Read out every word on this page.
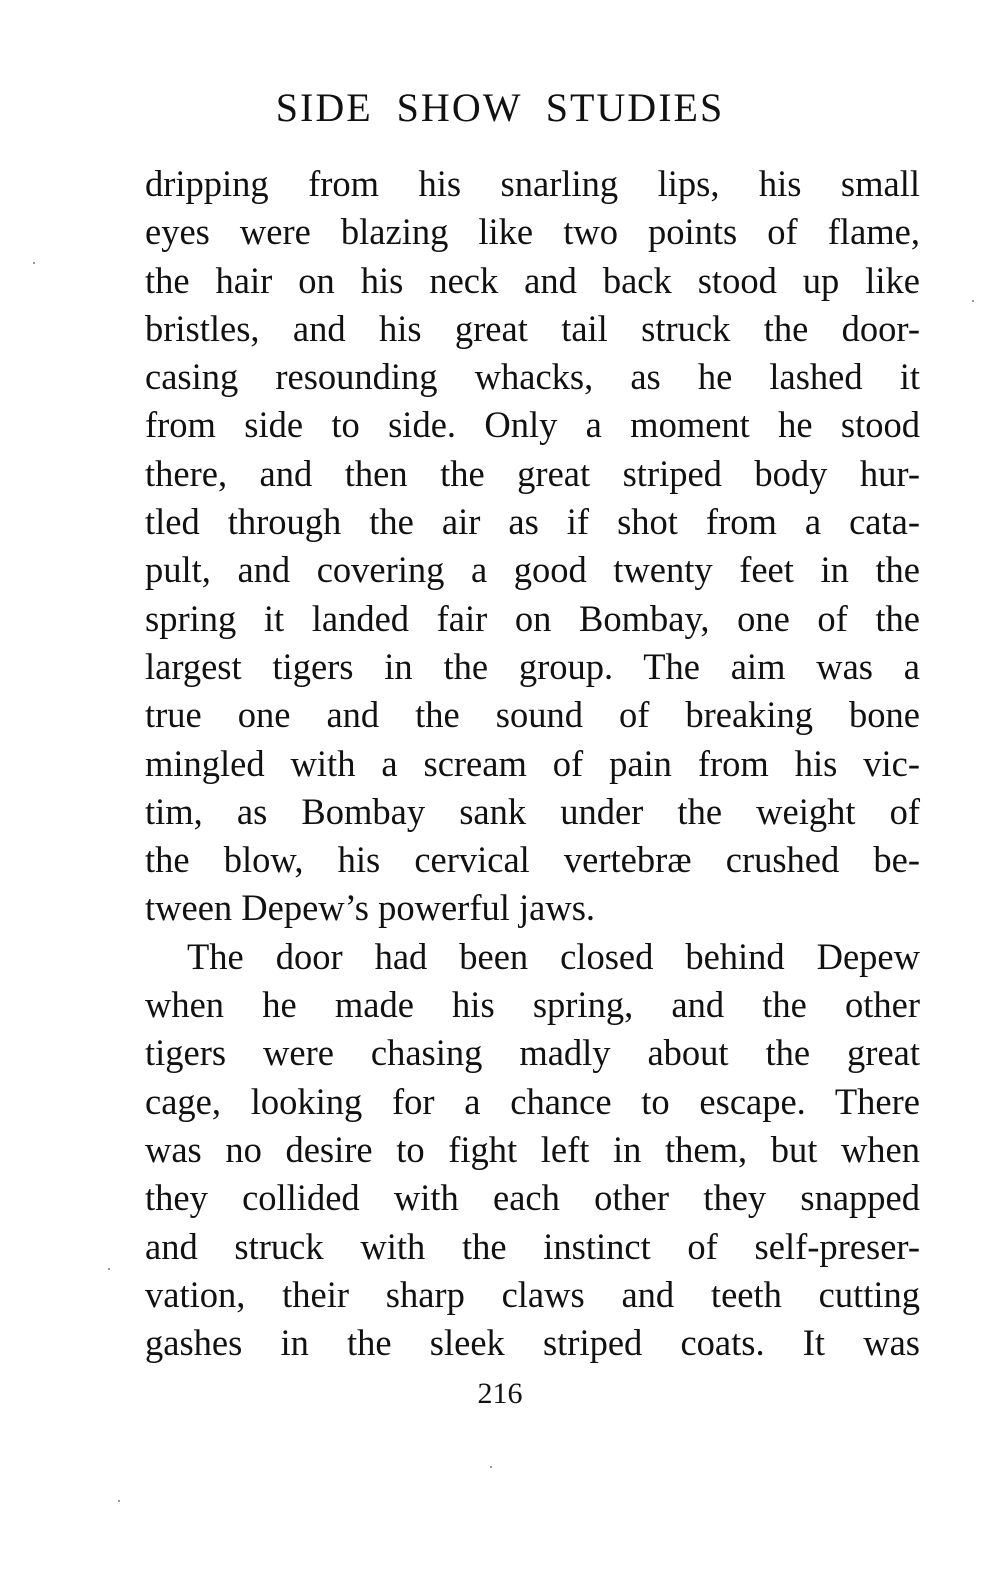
SIDE SHOW STUDIES
dripping from his snarling lips, his small
eyes were blazing like two points of flame,
the hair on his neck and back stood up like
bristles, and his great tail struck the door-
casing resounding whacks, as he lashed it
from side to side. Only a moment he stood
there, and then the great striped body hur-
tled through the air as if shot from a cata-
pult, and covering a good twenty feet in the
spring it landed fair on Bombay, one of the
largest tigers in the group. The aim was a
true one and the sound of breaking bone
mingled with a scream of pain from his vic-
tim, as Bombay sank under the weight of
the blow, his cervical vertebræ crushed be-
tween Depew’s powerful jaws.
The door had been closed behind Depew
when he made his spring, and the other
tigers were chasing madly about the great
cage, looking for a chance to escape. There
was no desire to fight left in them, but when
they collided with each other they snapped
and struck with the instinct of self-preser-
vation, their sharp claws and teeth cutting
gashes in the sleek striped coats. It was
216
